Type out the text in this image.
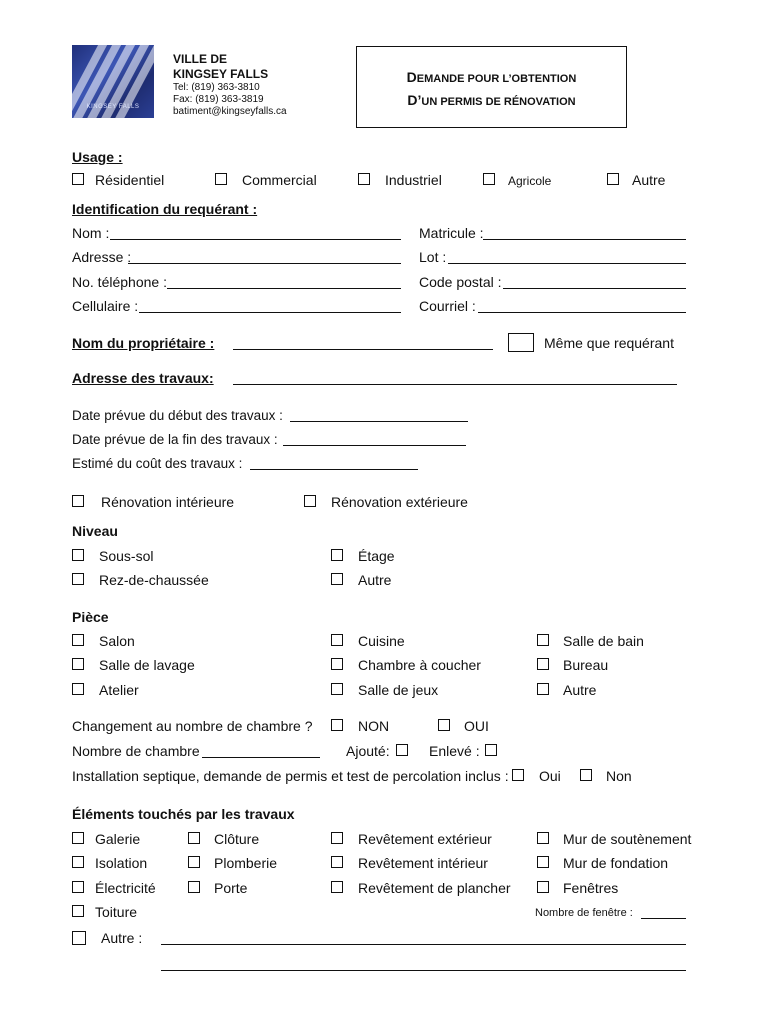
KINGSEY FALLS
VILLE DE
KINGSEY FALLS
Tel: (819) 363-3810
Fax: (819) 363-3819
batiment@kingseyfalls.ca
DEMANDE POUR L’OBTENTION
D’UN PERMIS DE RÉNOVATION
Usage :
Résidentiel	Commercial	Industriel	Agricole	Autre
Identification du requérant :
Nom :	Matricule :
Adresse :	Lot :
No. téléphone :	Code postal :
Cellulaire :	Courriel :
Nom du propriétaire :	Même que requérant
Adresse des travaux:
Date prévue du début des travaux :
Date prévue de la fin des travaux :
Estimé du coût des travaux :
Rénovation intérieure	Rénovation extérieure
Niveau
Sous-sol	Étage
Rez-de-chaussée	Autre
Pièce
Salon	Cuisine	Salle de bain
Salle de lavage	Chambre à coucher	Bureau
Atelier	Salle de jeux	Autre
Changement au nombre de chambre ?	NON	OUI
Nombre de chambre	Ajouté:	Enlevé :
Installation septique, demande de permis et test de percolation inclus : Oui	Non
Éléments touchés par les travaux
Galerie	Clôture	Revêtement extérieur	Mur de soutènement
Isolation	Plomberie	Revêtement intérieur	Mur de fondation
Électricité	Porte	Revêtement de plancher	Fenêtres
Toiture	Nombre de fenêtre :
Autre :
